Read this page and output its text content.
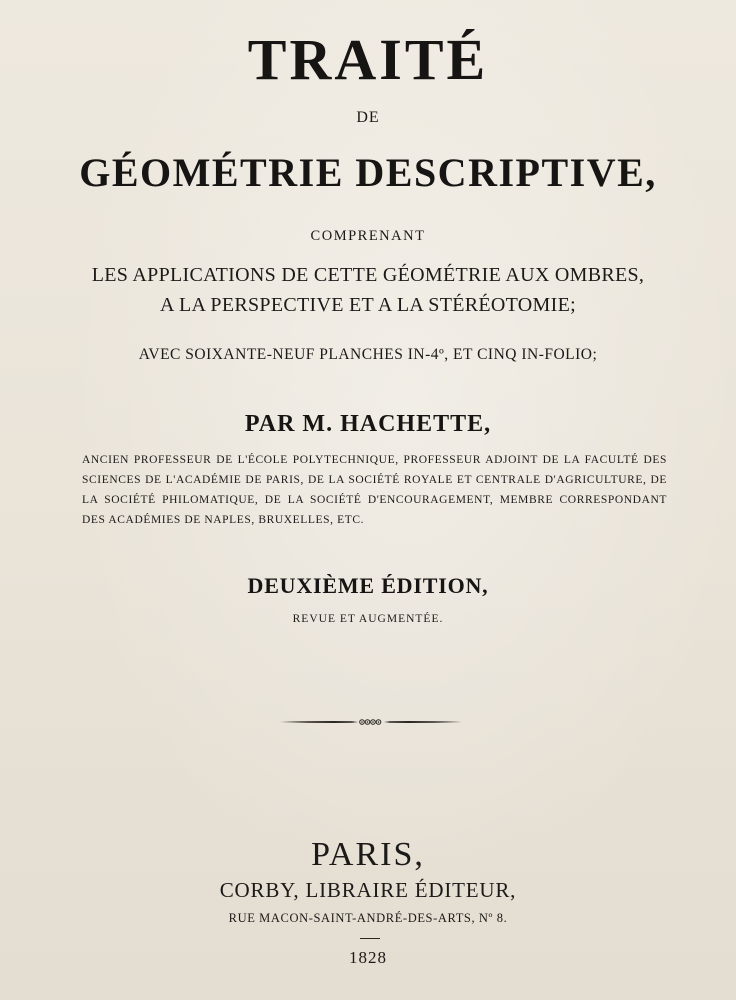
TRAITÉ
DE
GÉOMÉTRIE DESCRIPTIVE,
COMPRENANT
LES APPLICATIONS DE CETTE GÉOMÉTRIE AUX OMBRES,
A LA PERSPECTIVE ET A LA STÉRÉOTOMIE;
AVEC SOIXANTE-NEUF PLANCHES IN-4º, ET CINQ IN-FOLIO;
PAR M. HACHETTE,
ANCIEN PROFESSEUR DE L'ÉCOLE POLYTECHNIQUE, PROFESSEUR ADJOINT DE LA FACULTÉ DES SCIENCES DE L'ACADÉMIE DE PARIS, DE LA SOCIÉTÉ ROYALE ET CENTRALE D'AGRICULTURE, DE LA SOCIÉTÉ PHILOMATIQUE, DE LA SOCIÉTÉ D'ENCOURAGEMENT, MEMBRE CORRESPONDANT DES ACADÉMIES DE NAPLES, BRUXELLES, ETC.
DEUXIÈME ÉDITION,
REVUE ET AUGMENTÉE.
PARIS,
CORBY, LIBRAIRE ÉDITEUR,
RUE MACON-SAINT-ANDRÉ-DES-ARTS, Nº 8.
1828
